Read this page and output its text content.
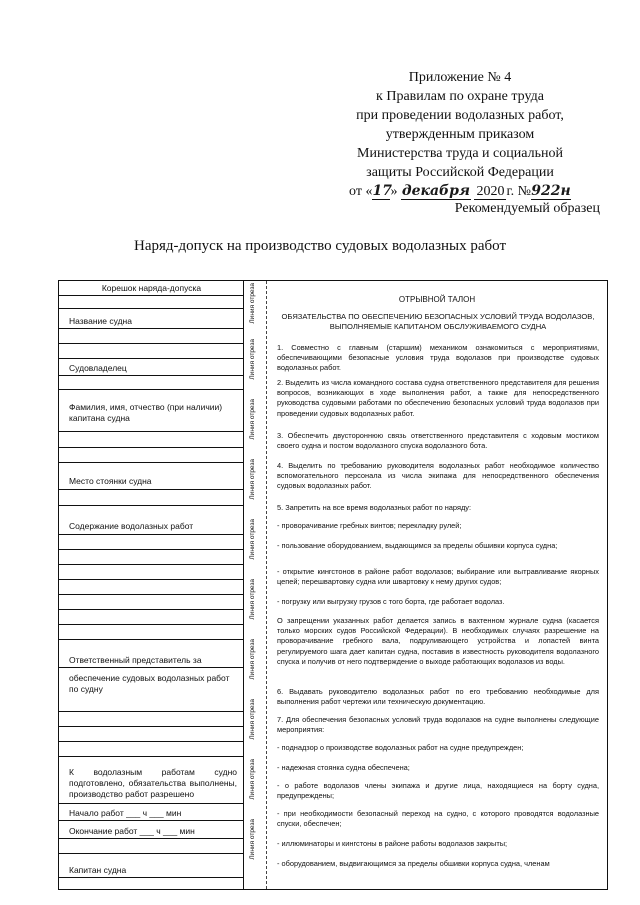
Приложение № 4
к Правилам по охране труда
при проведении водолазных работ,
утвержденным приказом
Министерства труда и социальной
защиты Российской Федерации
от «17» декабря 2020 г. №922н
Рекомендуемый образец
Наряд-допуск на производство судовых водолазных работ
Корешок наряда-допуска
Название судна
Судовладелец
Фамилия, имя, отчество (при наличии) капитана судна
Место стоянки судна
Содержание водолазных работ
Ответственный представитель за
обеспечение судовых водолазных работ по судну
К водолазным работам судно подготовлено, обязательства выполнены, производство работ разрешено
Начало работ ___ ч ___ мин
Окончание работ ___ ч ___ мин
Капитан судна
Линия отреза
Линия отреза
Линия отреза
Линия отреза
Линия отреза
Линия отреза
Линия отреза
Линия отреза
Линия отреза
Линия отреза
ОТРЫВНОЙ ТАЛОН
ОБЯЗАТЕЛЬСТВА ПО ОБЕСПЕЧЕНИЮ БЕЗОПАСНЫХ УСЛОВИЙ ТРУДА ВОДОЛАЗОВ, ВЫПОЛНЯЕМЫЕ КАПИТАНОМ ОБСЛУЖИВАЕМОГО СУДНА
1. Совместно с главным (старшим) механиком ознакомиться с мероприятиями, обеспечивающими безопасные условия труда водолазов при производстве судовых водолазных работ.
2. Выделить из числа командного состава судна ответственного представителя для решения вопросов, возникающих в ходе выполнения работ, а также для непосредственного руководства судовыми работами по обеспечению безопасных условий труда водолазов при проведении судовых водолазных работ.
3. Обеспечить двустороннюю связь ответственного представителя с ходовым мостиком своего судна и постом водолазного спуска водолазного бота.
4. Выделить по требованию руководителя водолазных работ необходимое количество вспомогательного персонала из числа экипажа для непосредственного обеспечения судовых водолазных работ.
5. Запретить на все время водолазных работ по наряду:
- проворачивание гребных винтов; перекладку рулей;
- пользование оборудованием, выдающимся за пределы обшивки корпуса судна;
- открытие кингстонов в районе работ водолазов; выбирание или вытравливание якорных цепей; перешвартовку судна или швартовку к нему других судов;
- погрузку или выгрузку грузов с того борта, где работает водолаз.
О запрещении указанных работ делается запись в вахтенном журнале судна (касается только морских судов Российской Федерации). В необходимых случаях разрешение на проворачивание гребного вала, подруливающего устройства и лопастей винта регулируемого шага дает капитан судна, поставив в известность руководителя водолазного спуска и получив от него подтверждение о выходе работающих водолазов из воды.
6. Выдавать руководителю водолазных работ по его требованию необходимые для выполнения работ чертежи или техническую документацию.
7. Для обеспечения безопасных условий труда водолазов на судне выполнены следующие мероприятия:
- поднадзор о производстве водолазных работ на судне предупрежден;
- надежная стоянка судна обеспечена;
- о работе водолазов члены экипажа и другие лица, находящиеся на борту судна, предупреждены;
- при необходимости безопасный переход на судно, с которого проводятся водолазные спуски, обеспечен;
- иллюминаторы и кингстоны в районе работы водолазов закрыты;
- оборудованием, выдвигающимся за пределы обшивки корпуса судна, членам
